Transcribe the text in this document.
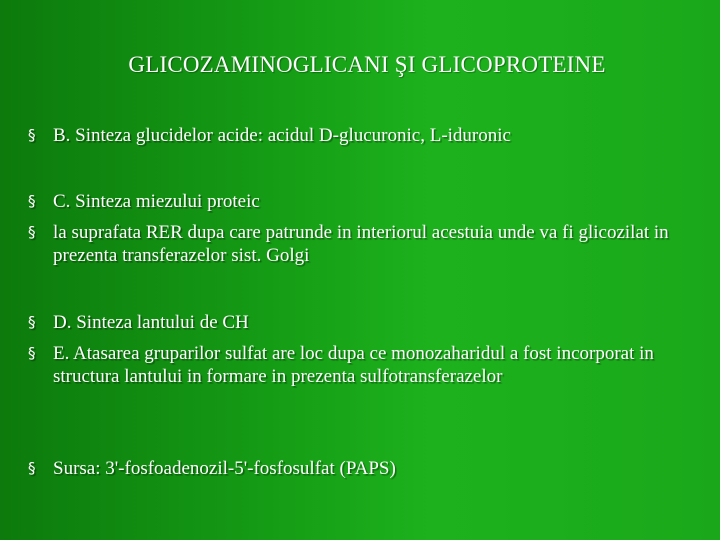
GLICOZAMINOGLICANI ŞI GLICOPROTEINE
§ B. Sinteza glucidelor acide: acidul D-glucuronic, L-iduronic
§ C. Sinteza miezului proteic
§ la suprafata RER dupa care patrunde in interiorul acestuia unde va fi glicozilat in prezenta transferazelor sist. Golgi
§ D. Sinteza lantului de CH
§ E. Atasarea gruparilor sulfat are loc dupa ce monozaharidul a fost incorporat in structura lantului in formare in prezenta sulfotransferazelor
§ Sursa: 3'-fosfoadenozil-5'-fosfosulfat (PAPS)
